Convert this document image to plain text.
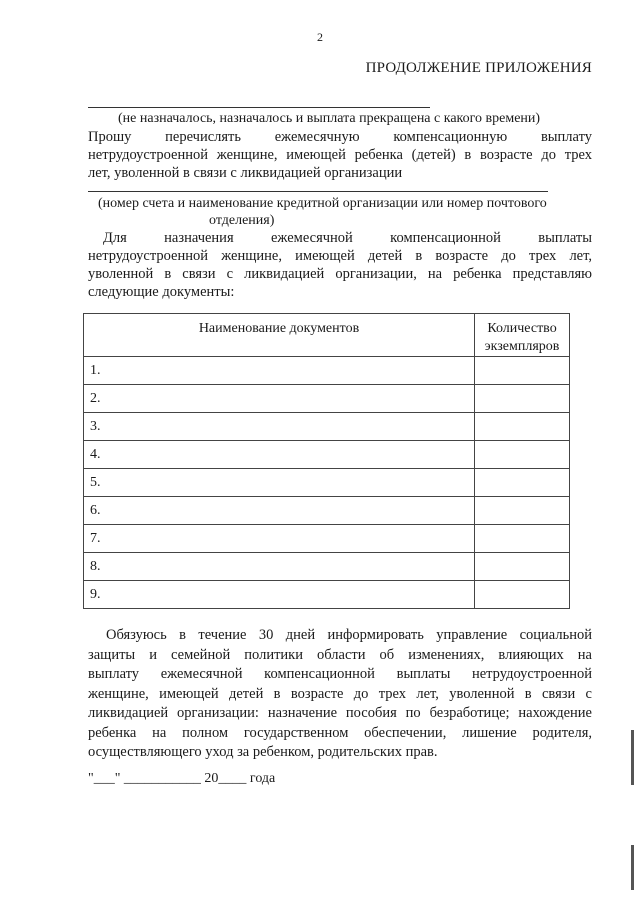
2
ПРОДОЛЖЕНИЕ ПРИЛОЖЕНИЯ
(не назначалось, назначалось и выплата прекращена с какого времени)
Прошу перечислять ежемесячную компенсационную выплату
нетрудоустроенной женщине, имеющей ребенка (детей) в возрасте до трех
лет, уволенной в связи с ликвидацией организации
(номер счета и наименование кредитной организации или номер почтового
отделения)
Для назначения ежемесячной компенсационной выплаты
нетрудоустроенной женщине, имеющей детей в возрасте до трех лет,
уволенной в связи с ликвидацией организации, на ребенка представляю
следующие документы:
Наименование документов	Количество
экземпляров

1.	
2.	
3.	
4.	
5.	
6.	
7.	
8.	
9.	
Обязуюсь в течение 30 дней информировать управление социальной
защиты и семейной политики области об изменениях, влияющих на
выплату ежемесячной компенсационной выплаты нетрудоустроенной
женщине, имеющей детей в возрасте до трех лет, уволенной в связи с
ликвидацией организации: назначение пособия по безработице; нахождение
ребенка на полном государственном обеспечении, лишение родителя,
осуществляющего уход за ребенком, родительских прав.
"___" ___________ 20____ года
